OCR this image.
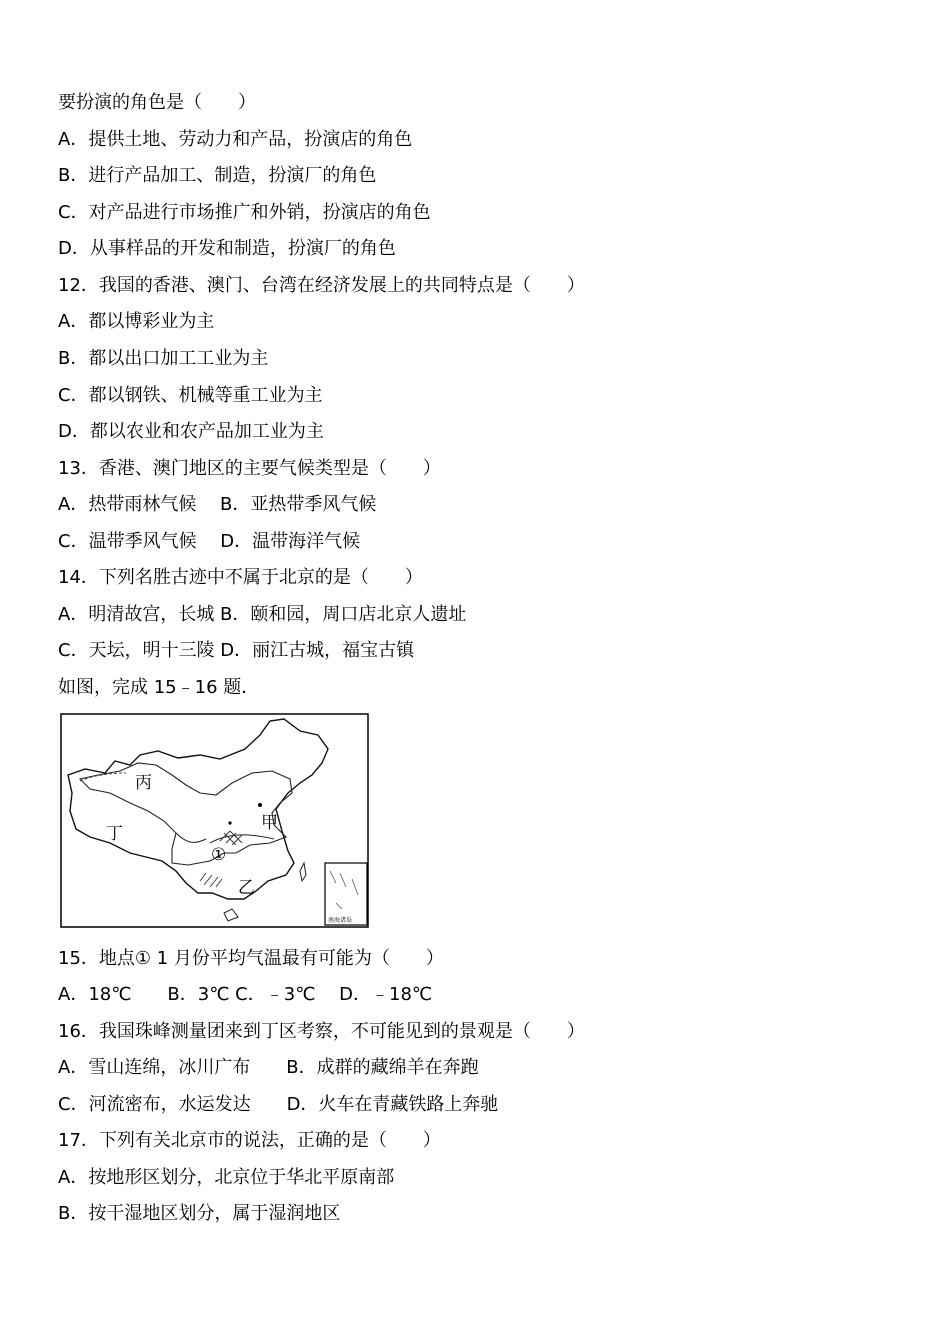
要扮演的角色是（　　）
A．提供土地、劳动力和产品，扮演店的角色
B．进行产品加工、制造，扮演厂的角色
C．对产品进行市场推广和外销，扮演店的角色
D．从事样品的开发和制造，扮演厂的角色
12．我国的香港、澳门、台湾在经济发展上的共同特点是（　　）
A．都以博彩业为主
B．都以出口加工工业为主
C．都以钢铁、机械等重工业为主
D．都以农业和农产品加工业为主
13．香港、澳门地区的主要气候类型是（　　）
A．热带雨林气候　 B．亚热带季风气候
C．温带季风气候　 D．温带海洋气候
14．下列名胜古迹中不属于北京的是（　　）
A．明清故宫，长城 B．颐和园，周口店北京人遗址
C．天坛，明十三陵 D．丽江古城，福宝古镇
如图，完成 15﹣16 题．
丙
甲
丁
乙
①
南海诸岛
15．地点① 1 月份平均气温最有可能为（　　）
A．18℃　　B．3℃ C．﹣3℃　 D．﹣18℃
16．我国珠峰测量团来到丁区考察，不可能见到的景观是（　　）
A．雪山连绵，冰川广布　　B．成群的藏绵羊在奔跑
C．河流密布，水运发达　　D．火车在青藏铁路上奔驰
17．下列有关北京市的说法，正确的是（　　）
A．按地形区划分，北京位于华北平原南部
B．按干湿地区划分，属于湿润地区
